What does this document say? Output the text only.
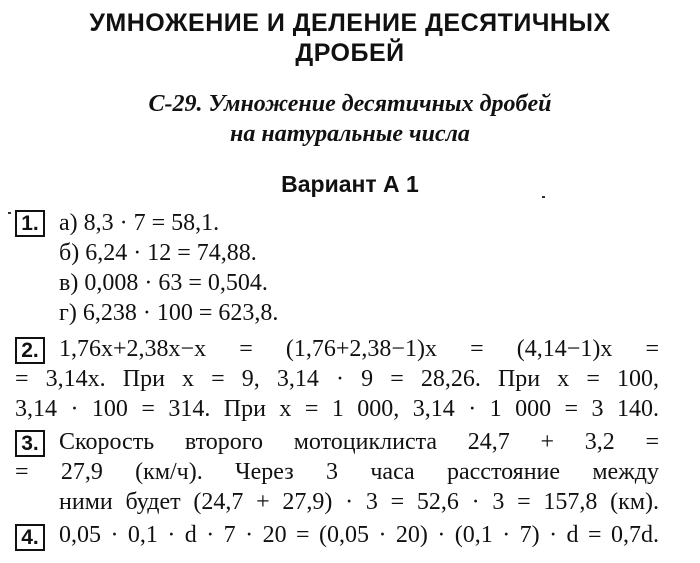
УМНОЖЕНИЕ И ДЕЛЕНИЕ ДЕСЯТИЧНЫХ
ДРОБЕЙ
С-29. Умножение десятичных дробей
на натуральные числа
Вариант А 1
1. а) 8,3 · 7 = 58,1.
б) 6,24 · 12 = 74,88.
в) 0,008 · 63 = 0,504.
г) 6,238 · 100 = 623,8.
2. 1,76x+2,38x−x = (1,76+2,38−1)x = (4,14−1)x =
= 3,14x. При x = 9, 3,14 · 9 = 28,26. При x = 100,
3,14 · 100 = 314. При x = 1 000, 3,14 · 1 000 = 3 140.
3. Скорость второго мотоциклиста 24,7 + 3,2 =
= 27,9 (км/ч). Через 3 часа расстояние между
ними будет (24,7 + 27,9) · 3 = 52,6 · 3 = 157,8 (км).
4. 0,05 · 0,1 · d · 7 · 20 = (0,05 · 20) · (0,1 · 7) · d = 0,7d.
